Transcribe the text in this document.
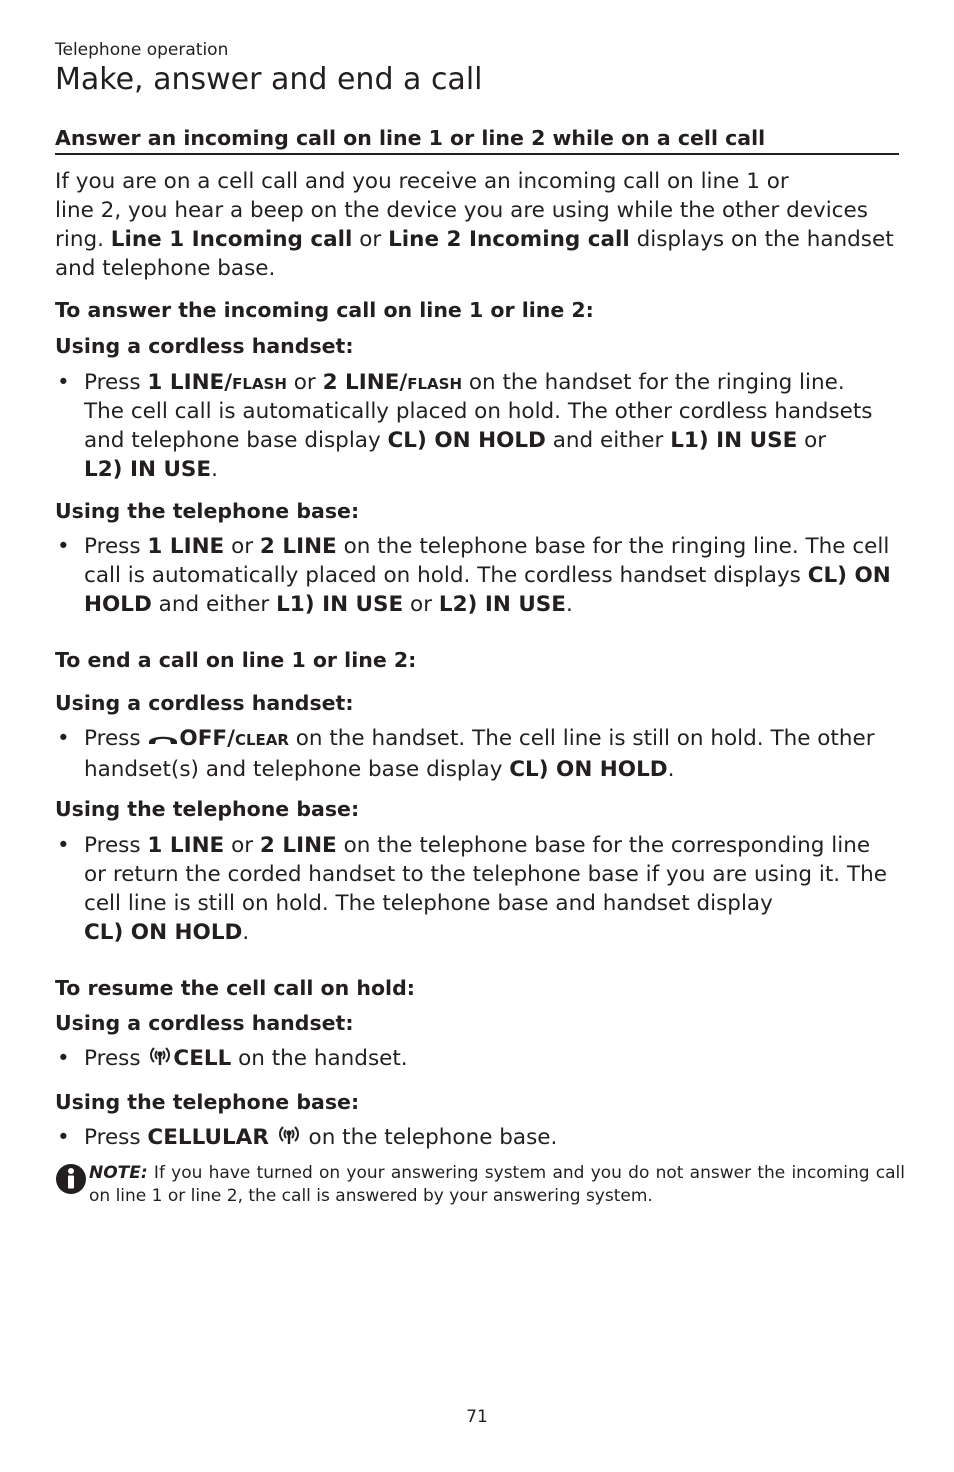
Telephone operation
Make, answer and end a call
Answer an incoming call on line 1 or line 2 while on a cell call
If you are on a cell call and you receive an incoming call on line 1 or
line 2, you hear a beep on the device you are using while the other devices
ring. Line 1 Incoming call or Line 2 Incoming call displays on the handset
and telephone base.
To answer the incoming call on line 1 or line 2:
Using a cordless handset:
• Press 1 LINE/flash or 2 LINE/flash on the handset for the ringing line.
The cell call is automatically placed on hold. The other cordless handsets
and telephone base display CL) ON HOLD and either L1) IN USE or
L2) IN USE.
Using the telephone base:
• Press 1 LINE or 2 LINE on the telephone base for the ringing line. The cell
call is automatically placed on hold. The cordless handset displays CL) ON
HOLD and either L1) IN USE or L2) IN USE.
To end a call on line 1 or line 2:
Using a cordless handset:
• Press OFF/clear on the handset. The cell line is still on hold. The other
handset(s) and telephone base display CL) ON HOLD.
Using the telephone base:
• Press 1 LINE or 2 LINE on the telephone base for the corresponding line
or return the corded handset to the telephone base if you are using it. The
cell line is still on hold. The telephone base and handset display
CL) ON HOLD.
To resume the cell call on hold:
Using a cordless handset:
• Press CELL on the handset.
Using the telephone base:
• Press CELLULAR  on the telephone base.
NOTE: If you have turned on your answering system and you do not answer the incoming call on line 1 or line 2, the call is answered by your answering system.
71
